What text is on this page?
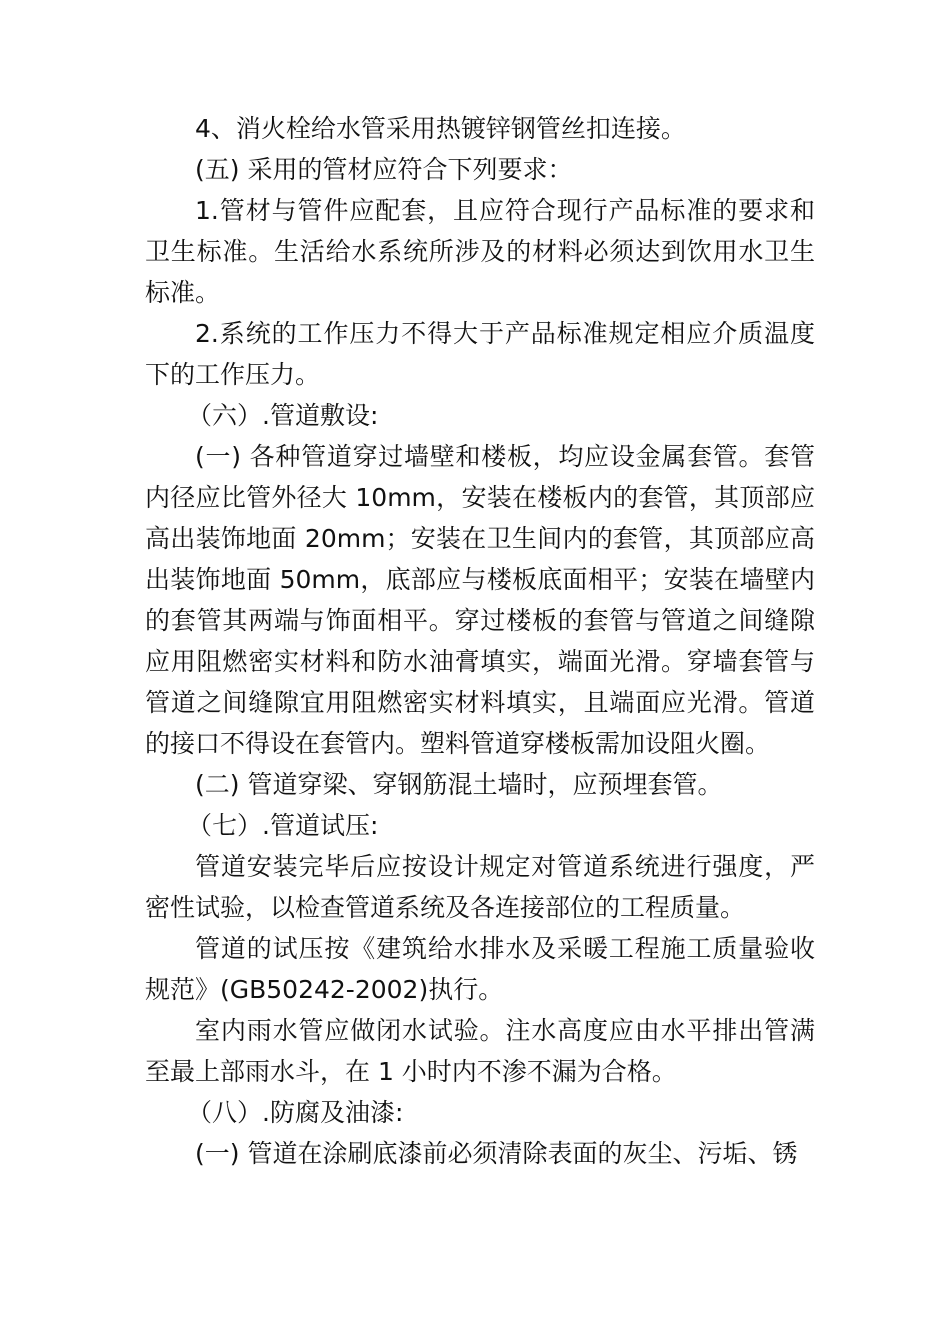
4、消火栓给水管采用热镀锌钢管丝扣连接。

(五) 采用的管材应符合下列要求：

1.管材与管件应配套，且应符合现行产品标准的要求和卫生标准。生活给水系统所涉及的材料必须达到饮用水卫生标准。

2.系统的工作压力不得大于产品标准规定相应介质温度下的工作压力。

（六）.管道敷设:

(一) 各种管道穿过墙壁和楼板，均应设金属套管。套管内径应比管外径大 10mm，安装在楼板内的套管，其顶部应高出装饰地面 20mm；安装在卫生间内的套管，其顶部应高出装饰地面 50mm，底部应与楼板底面相平；安装在墙壁内的套管其两端与饰面相平。穿过楼板的套管与管道之间缝隙应用阻燃密实材料和防水油膏填实，端面光滑。穿墙套管与管道之间缝隙宜用阻燃密实材料填实，且端面应光滑。管道的接口不得设在套管内。塑料管道穿楼板需加设阻火圈。

(二) 管道穿梁、穿钢筋混土墙时，应预埋套管。

（七）.管道试压:

管道安装完毕后应按设计规定对管道系统进行强度，严密性试验，以检查管道系统及各连接部位的工程质量。

管道的试压按《建筑给水排水及采暖工程施工质量验收规范》(GB50242-2002)执行。

室内雨水管应做闭水试验。注水高度应由水平排出管满至最上部雨水斗，在 1 小时内不渗不漏为合格。

（八）.防腐及油漆:

(一) 管道在涂刷底漆前必须清除表面的灰尘、污垢、锈
